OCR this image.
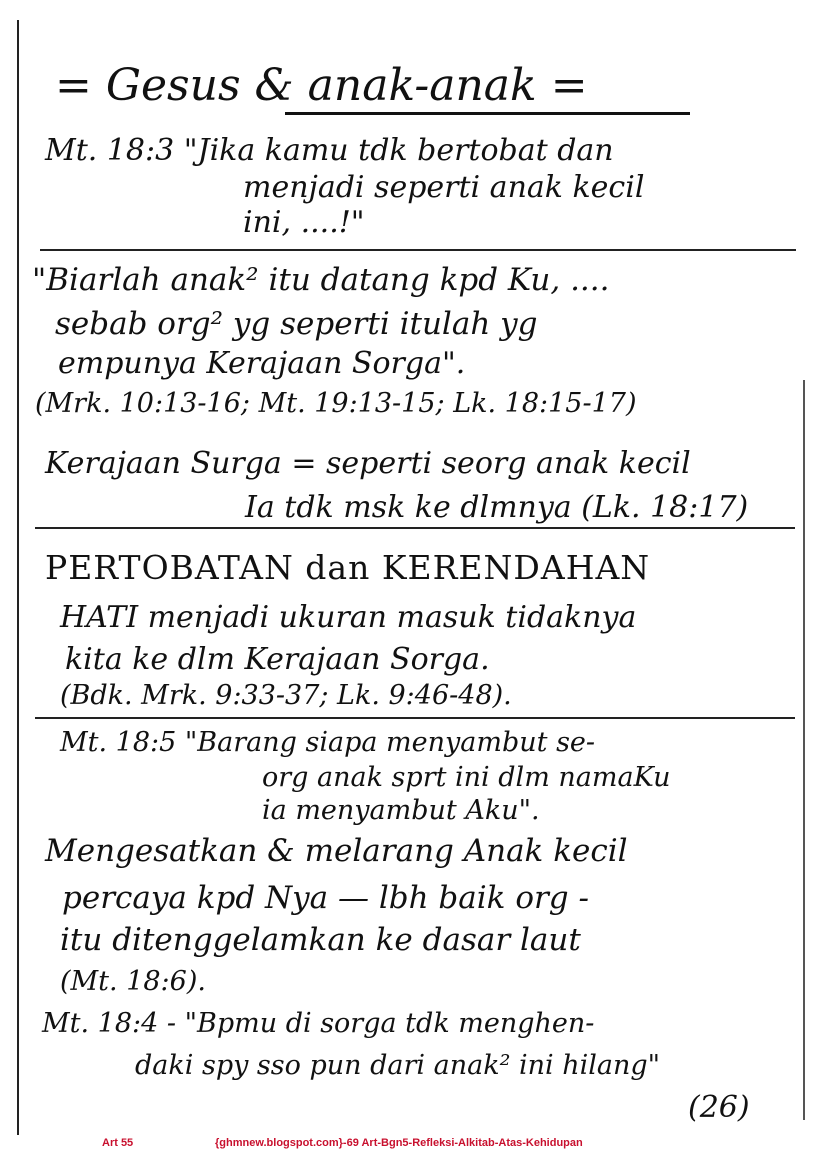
= Gesus & anak-anak =
Mt. 18:3 "Jika kamu tdk bertobat dan
menjadi seperti anak kecil
ini, ....!"
"Biarlah anak² itu datang kpd Ku, ....
sebab org² yg seperti itulah yg
empunya Kerajaan Sorga".
(Mrk. 10:13-16; Mt. 19:13-15; Lk. 18:15-17)
Kerajaan Surga = seperti seorg anak kecil
Ia tdk msk ke dlmnya (Lk. 18:17)
PERTOBATAN dan KERENDAHAN
HATI menjadi ukuran masuk tidaknya
kita ke dlm Kerajaan Sorga.
(Bdk. Mrk. 9:33-37; Lk. 9:46-48).
Mt. 18:5 "Barang siapa menyambut se-
org anak sprt ini dlm namaKu
ia menyambut Aku".
Mengesatkan & melarang Anak kecil
percaya kpd Nya — lbh baik org -
itu ditenggelamkan ke dasar laut
(Mt. 18:6).
Mt. 18:4 - "Bpmu di sorga tdk menghen-
daki spy sso pun dari anak² ini hilang"
(26)
Art 55	{ghmnew.blogspot.com}-69 Art-Bgn5-Refleksi-Alkitab-Atas-Kehidupan
